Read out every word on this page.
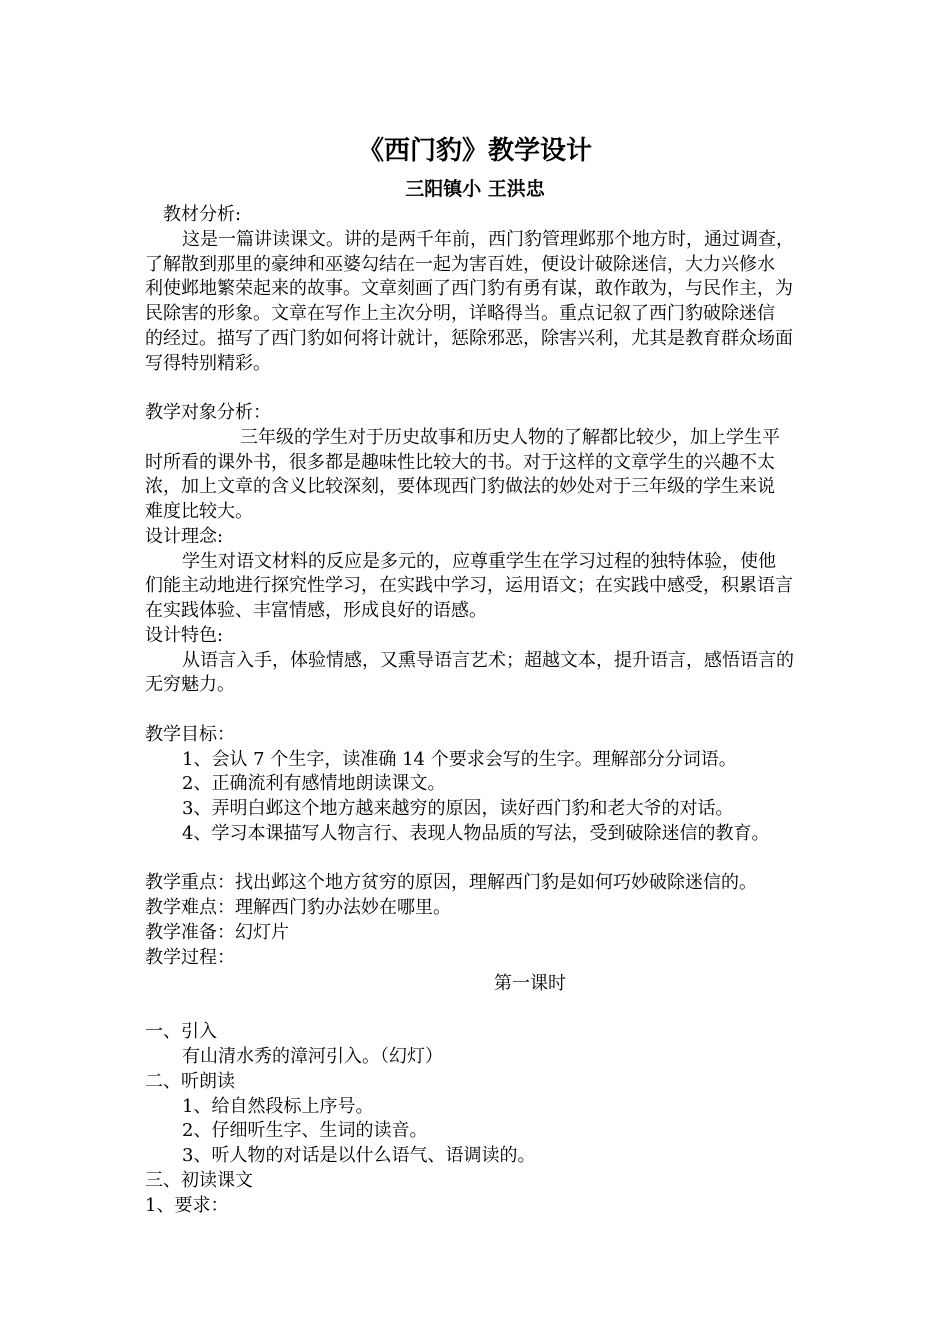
《西门豹》教学设计
三阳镇小 王洪忠
教材分析:
这是一篇讲读课文。讲的是两千年前，西门豹管理邺那个地方时，通过调查，
了解散到那里的豪绅和巫婆勾结在一起为害百姓，便设计破除迷信，大力兴修水
利使邺地繁荣起来的故事。文章刻画了西门豹有勇有谋，敢作敢为，与民作主，为
民除害的形象。文章在写作上主次分明，详略得当。重点记叙了西门豹破除迷信
的经过。描写了西门豹如何将计就计，惩除邪恶，除害兴利，尤其是教育群众场面
写得特别精彩。
教学对象分析：
三年级的学生对于历史故事和历史人物的了解都比较少，加上学生平
时所看的课外书，很多都是趣味性比较大的书。对于这样的文章学生的兴趣不太
浓，加上文章的含义比较深刻，要体现西门豹做法的妙处对于三年级的学生来说
难度比较大。
设计理念:
学生对语文材料的反应是多元的，应尊重学生在学习过程的独特体验，使他
们能主动地进行探究性学习，在实践中学习，运用语文；在实践中感受，积累语言
在实践体验、丰富情感，形成良好的语感。
设计特色:
从语言入手，体验情感，又熏导语言艺术；超越文本，提升语言，感悟语言的
无穷魅力。
教学目标：
1、会认 7 个生字，读准确 14 个要求会写的生字。理解部分分词语。
2、正确流利有感情地朗读课文。
3、弄明白邺这个地方越来越穷的原因，读好西门豹和老大爷的对话。
4、学习本课描写人物言行、表现人物品质的写法，受到破除迷信的教育。
教学重点：找出邺这个地方贫穷的原因，理解西门豹是如何巧妙破除迷信的。
教学难点：理解西门豹办法妙在哪里。
教学准备：幻灯片
教学过程：
第一课时
一、引入
有山清水秀的漳河引入。（幻灯）
二、听朗读
1、给自然段标上序号。
2、仔细听生字、生词的读音。
3、听人物的对话是以什么语气、语调读的。
三、初读课文
1、要求：
